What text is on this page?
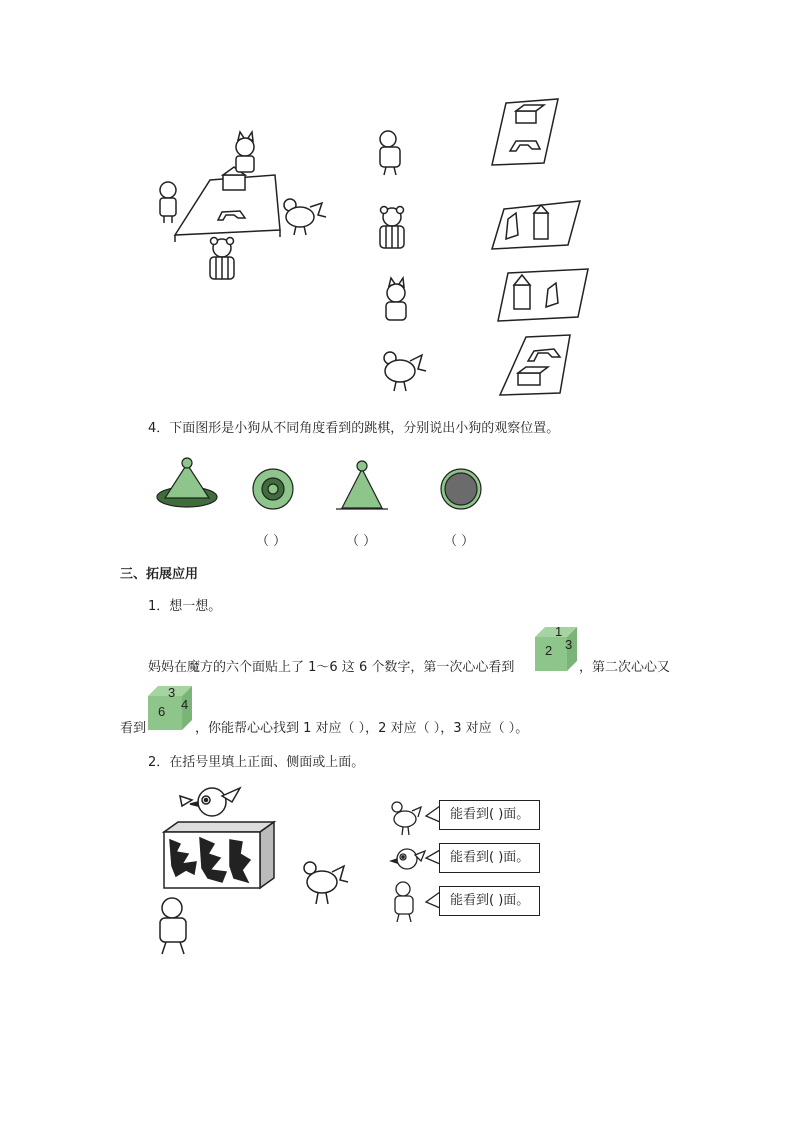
4．下面图形是小狗从不同角度看到的跳棋，分别说出小狗的观察位置。
（ ）	（ ）	（ ）
三、拓展应用
1．想一想。
妈妈在魔方的六个面贴上了 1～6 这 6 个数字，第一次心心看到
1
2 3
，第二次心心又
看到
3
6 4
，你能帮心心找到 1 对应（ ），2 对应（ ），3 对应（ ）。
2．在括号里填上正面、侧面或上面。
能看到( )面。
能看到( )面。
能看到( )面。
